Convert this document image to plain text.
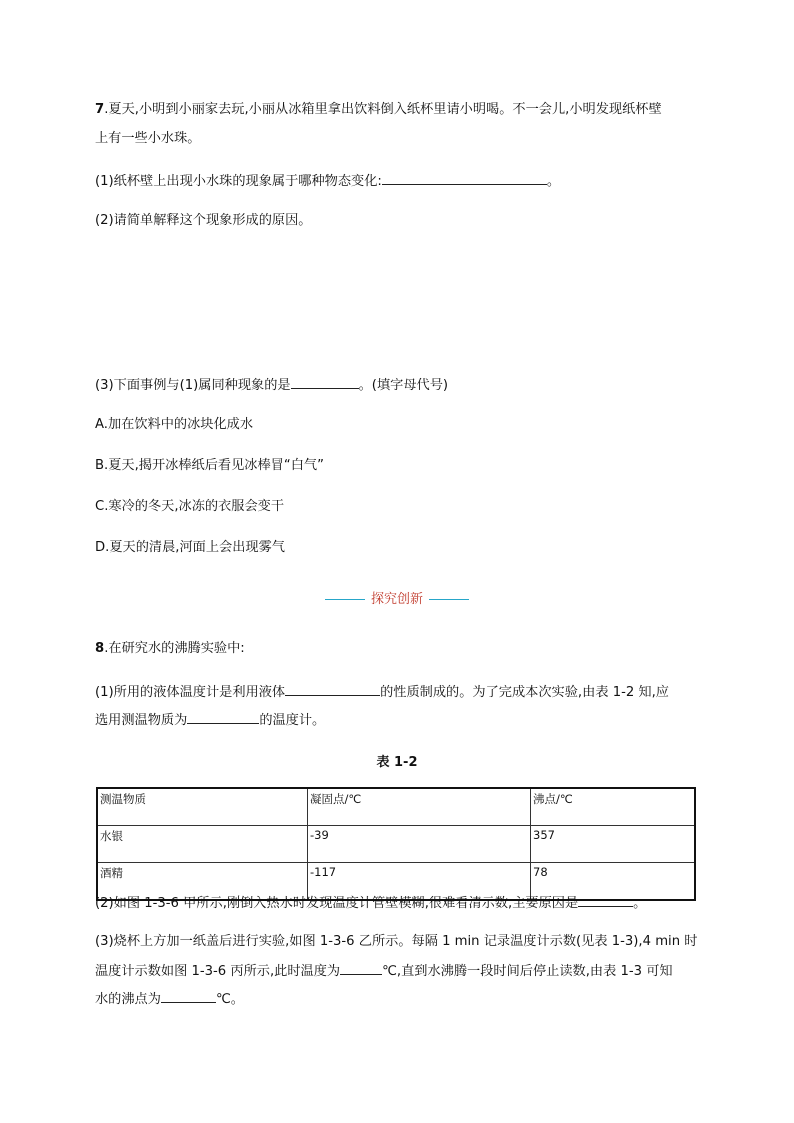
7.夏天,小明到小丽家去玩,小丽从冰箱里拿出饮料倒入纸杯里请小明喝。不一会儿,小明发现纸杯壁
上有一些小水珠。
(1)纸杯壁上出现小水珠的现象属于哪种物态变化:	。
(2)请简单解释这个现象形成的原因。
(3)下面事例与(1)属同种现象的是	。(填字母代号)
A.加在饮料中的冰块化成水
B.夏天,揭开冰棒纸后看见冰棒冒“白气”
C.寒冷的冬天,冰冻的衣服会变干
D.夏天的清晨,河面上会出现雾气
探究创新
8.在研究水的沸腾实验中:
(1)所用的液体温度计是利用液体	的性质制成的。为了完成本次实验,由表 1-2 知,应
选用测温物质为	的温度计。
表 1-2
测温物质	凝固点/℃	沸点/℃
水银	-39	357
酒精	-117	78
(2)如图 1-3-6 甲所示,刚倒入热水时发现温度计管壁模糊,很难看清示数,主要原因是	。
(3)烧杯上方加一纸盖后进行实验,如图 1-3-6 乙所示。每隔 1 min 记录温度计示数(见表 1-3),4 min 时
温度计示数如图 1-3-6 丙所示,此时温度为	℃,直到水沸腾一段时间后停止读数,由表 1-3 可知
水的沸点为	℃。
